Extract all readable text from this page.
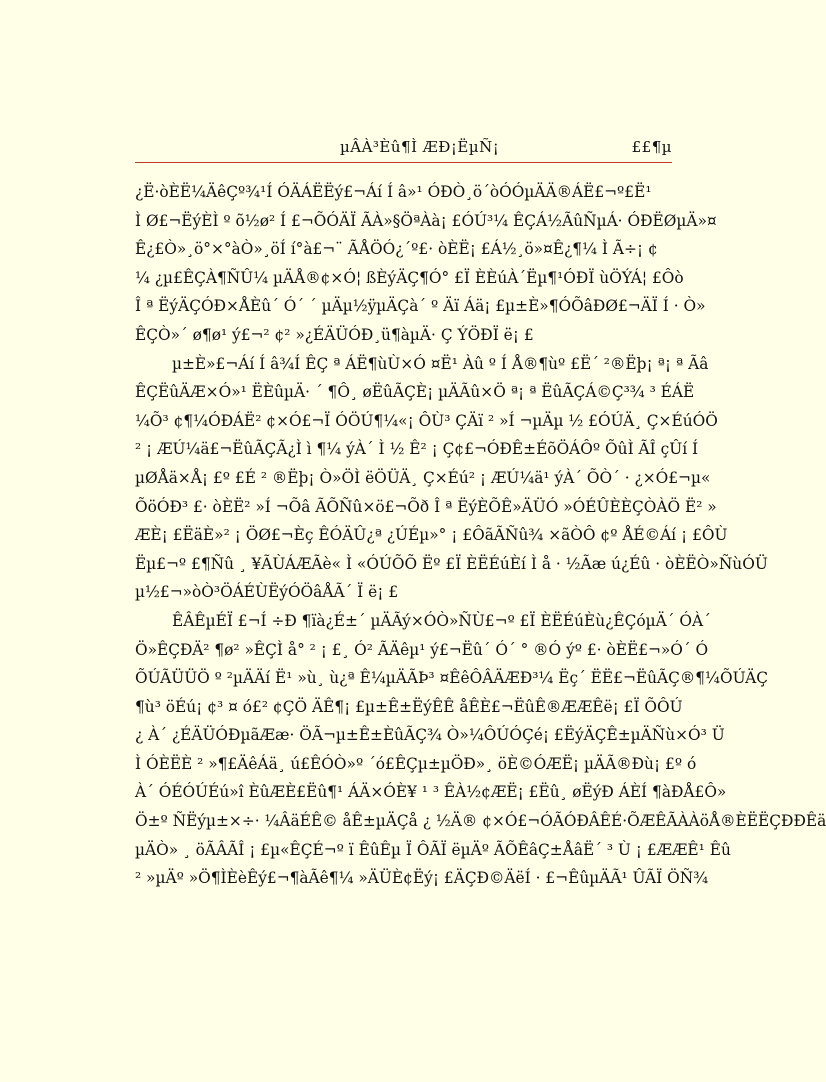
µÂÀ³Èû¶Ì ÆÐ¡ËµÑ¡	££¶µ
¿Ë·òÈË¼ÄêÇº¾¹Í ÓÄÁËËý£¬Áí Í â»¹ ÓÐÒ¸ö´òÓÓµÄÄ®ÁË£¬º£Ë¹
Ì Ø£¬ËýÈÌ º õ½ø² Í £¬ÕÓÄÏ ÃÀ»§ÖªÀà¡ £ÓÚ³¼ ÊÇÁ½ÃûÑµÁ· ÓÐËØµÄ»¤
Ê¿£Ò»¸ö°×°àÒ»¸öÍ í°à£¬¨ ÃÅÖÓ¿´º£· òÈË¡ £Á½¸ö»¤Ê¿¶¼ Ì Ã÷¡ ¢
¼ ¿µ£ÊÇÀ¶ÑÛ¼ µÄÅ®¢×Ó¦ ßÈýÄÇ¶Ó° £Ï ÈÈúÀ´Ëµ¶¹ÓÐÏ ùÖÝÁ¦ £Ôò
Î ª ËýÄÇÓÐ×ÅÈû´ Ó´ ´ µÄµ½ÿµÄÇà´ º Äï Áä¡ £µ±È»¶ÓÕâÐØ£¬ÄÏ Í · Ò»
ÊÇÒ»´ ø¶ø¹ ý£¬² ¢² »¿ÉÄÜÓÐ¸ü¶àµÄ· Ç ÝÖÐÏ ë¡ £
µ±È»£¬Áí Í â¾Í ÊÇ ª ÁË¶ùÙ×Ó ¤Ë¹ Àû º Í Å®¶ùº £Ë´ ²®Ëþ¡ ª¡ ª Ãâ
ÊÇËûÄÆ×Ó»¹ ËÈûµÄ· ´ ¶Ô¸ øËûÃÇÈ¡ µÄÃû×Ö ª¡ ª ËûÃÇÁ©Ç³¾ ³ ÉÁË
¼Õ³ ¢¶¼ÓÐÁË² ¢×Ó£¬Ï ÓÖÚ¶¼«¡ ÔÙ³ ÇÄï ² »Í ¬µÄµ ½ £ÓÚÄ¸ Ç×ÉúÓÖ
² ¡ ÆÚ¼ä£¬ËûÃÇÃ¿Ì ì ¶¼ ýÀ´ Ì ½ Ê² ¡ Ç¢£¬ÓÐÊ±ÉõÖÁÔº ÕûÌ ÃÎ çÛí Í
µØÅä×Å¡ £º £É ² ®Ëþ¡ Ò»ÖÌ ëÖÜÄ¸ Ç×Éú² ¡ ÆÚ¼ä¹ ýÀ´ ÕÒ´ · ¿×Ó£¬µ«
ÕöÓÐ³ £· òÈË² »Í ¬Õâ ÃÕÑû×ö£¬Õð Î ª ËýÈÕÊ»ÄÜÓ »ÓÉÛÈÈÇÒÀÖ Ë² »
ÆÈ¡ £ËäÈ»² ¡ ÖØ£¬Èç ÊÓÄÛ¿ª ¿ÚÉµ»° ¡ £ÔãÃÑû¾ ×ãÒÔ ¢º ÅÉ©Áí ¡ £ÔÙ
Ëµ£¬º £¶Ñû ¸ ¥ÃÙÁÆÃè« Ì «ÓÚÕÕ Ëº £Ï ÈËÉúÈí Ì å · ½Ãæ ú¿Éû · òÈËÒ»ÑùÓÜ
µ½£¬»òÒ³ÖÁÉÙËýÓÖâÅÃ´ Ï ë¡ £
ÊÂÊµÉÏ £¬Í ÷Ð ¶ïà¿É±´ µÄÃý×ÓÒ»ÑÙ£¬º £Ï ÈËÉúÈù¿ÊÇóµÄ´ ÓÀ´
Ö»ÊÇÐÄ² ¶ø² »ÊÇÌ å° ² ¡ £¸ Ó² ÃÄêµ¹ ý£¬Ëû´ Ó´ ° ®Ó ýº £· òÈË£¬»Ó´ Ó
ÕÚÃÜÜÖ º ²µÄÄí Ë¹ »ù¸ ù¿ª Ê¼µÄÃÞ³ ¤ÊêÔÂÄÆÐ³¼ Ëç´ ËË£¬ËûÃÇ®¶¼ÕÚÄÇ
¶ù³ öÉú¡ ¢³ ¤ ó£² ¢ÇÖ ÄÊ¶¡ £µ±Ê±ËýÊÊ åÊÈ£¬ËûÊ®ÆÆÊë¡ £Ï ÕÔÚ
¿ À´ ¿ÉÄÜÓÐµãÆæ· ÖÃ¬µ±Ê±ÈûÃÇ¾ Ò»¼ÔÚÓÇé¡ £ËýÄÇÊ±µÄÑù×Ó³ Ü
Ì ÓÈËÈ ² »¶£ÄêÁä¸ ú£ÊÓÒ»º ´ó£ÊÇµ±µÖÐ»¸ öÈ©ÓÆË¡ µÄÃ®Ðù¡ £º ó
À´ ÓÉÓÚÉú»î ÈûÆÈ£Ëû¶¹ ÁÄ×ÓÈ¥ ¹ ³ ÊÀ½¢ÆË¡ £Ëû¸ øËýÐ ÁÈÍ ¶àÐÅ£Ô»
Ö±º ÑËýµ±×÷· ¼ÂäÉÊ© åÊ±µÄÇå ¿ ½Ä® ¢×Ó£¬ÓÃÓÐÂÊÉ·ÕÆÊÃÀÀöÅ®ÈËËÇÐÐÊä
µÄÒ» ¸ öÃÂÃÎ ¡ £µ«ÊÇÉ¬º ï ÊûÊµ Ï ÔÃÏ ëµÄº ÃÕÊâÇ±ÅâË´ ³ Ù ¡ £ÆÆÊ¹ Êû
² »µÄº »Ö¶ÌÈèÊý£¬¶àÃê¶¼ »ÄÜÈ¢Ëý¡ £ÄÇÐ©ÄëÍ · £¬ÊûµÄÃ¹ ÛÃÏ ÖÑ¾
